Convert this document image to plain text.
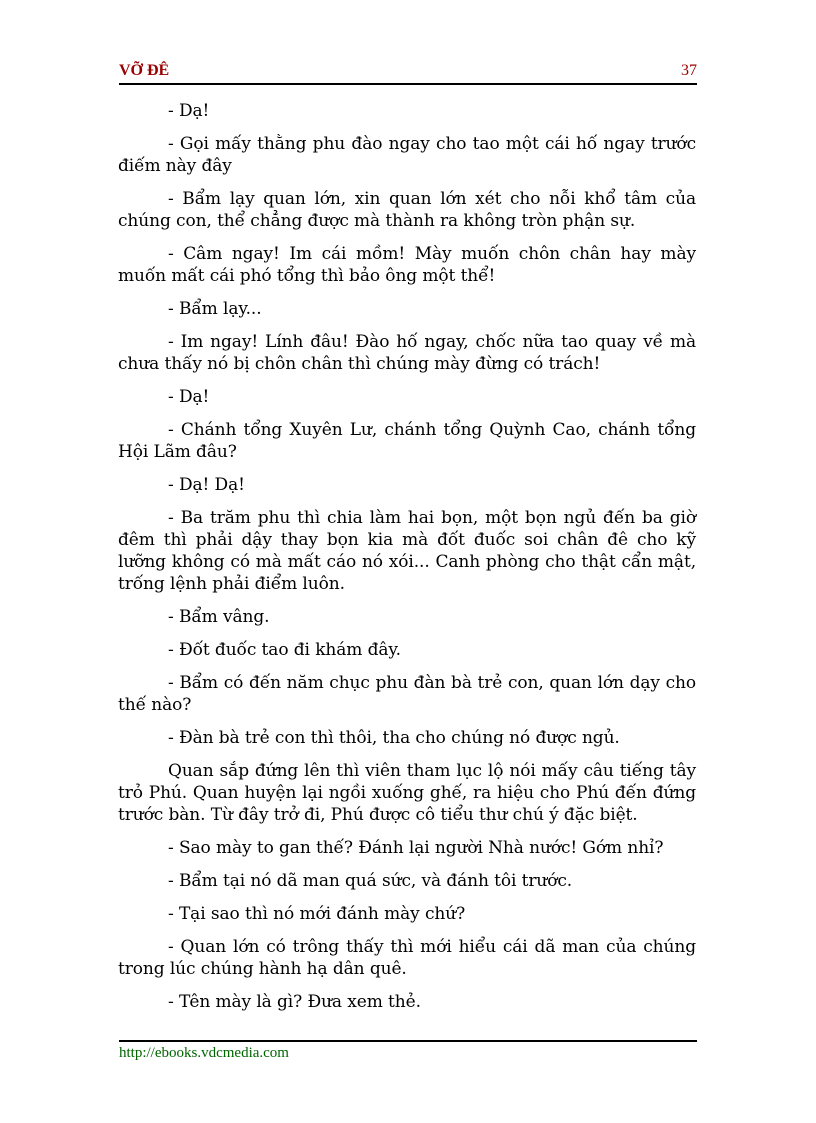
VỠ ĐÊ	37

- Dạ!

- Gọi mấy thằng phu đào ngay cho tao một cái hố ngay trước điếm này đây

- Bẩm lạy quan lớn, xin quan lớn xét cho nỗi khổ tâm của chúng con, thể chẳng được mà thành ra không tròn phận sự.

- Câm ngay! Im cái mồm! Mày muốn chôn chân hay mày muốn mất cái phó tổng thì bảo ông một thể!

- Bẩm lạy...

- Im ngay! Lính đâu! Đào hố ngay, chốc nữa tao quay về mà chưa thấy nó bị chôn chân thì chúng mày đừng có trách!

- Dạ!

- Chánh tổng Xuyên Lư, chánh tổng Quỳnh Cao, chánh tổng Hội Lãm đâu?

- Dạ! Dạ!

- Ba trăm phu thì chia làm hai bọn, một bọn ngủ đến ba giờ đêm thì phải dậy thay bọn kia mà đốt đuốc soi chân đê cho kỹ lưỡng không có mà mất cáo nó xói... Canh phòng cho thật cẩn mật, trống lệnh phải điểm luôn.

- Bẩm vâng.

- Đốt đuốc tao đi khám đây.

- Bẩm có đến năm chục phu đàn bà trẻ con, quan lớn dạy cho thế nào?

- Đàn bà trẻ con thì thôi, tha cho chúng nó được ngủ.

Quan sắp đứng lên thì viên tham lục lộ nói mấy câu tiếng tây trỏ Phú. Quan huyện lại ngồi xuống ghế, ra hiệu cho Phú đến đứng trước bàn. Từ đây trở đi, Phú được cô tiểu thư chú ý đặc biệt.

- Sao mày to gan thế? Đánh lại người Nhà nước! Gớm nhỉ?

- Bẩm tại nó dã man quá sức, và đánh tôi trước.

- Tại sao thì nó mới đánh mày chứ?

- Quan lớn có trông thấy thì mới hiểu cái dã man của chúng trong lúc chúng hành hạ dân quê.

- Tên mày là gì? Đưa xem thẻ.

http://ebooks.vdcmedia.com
